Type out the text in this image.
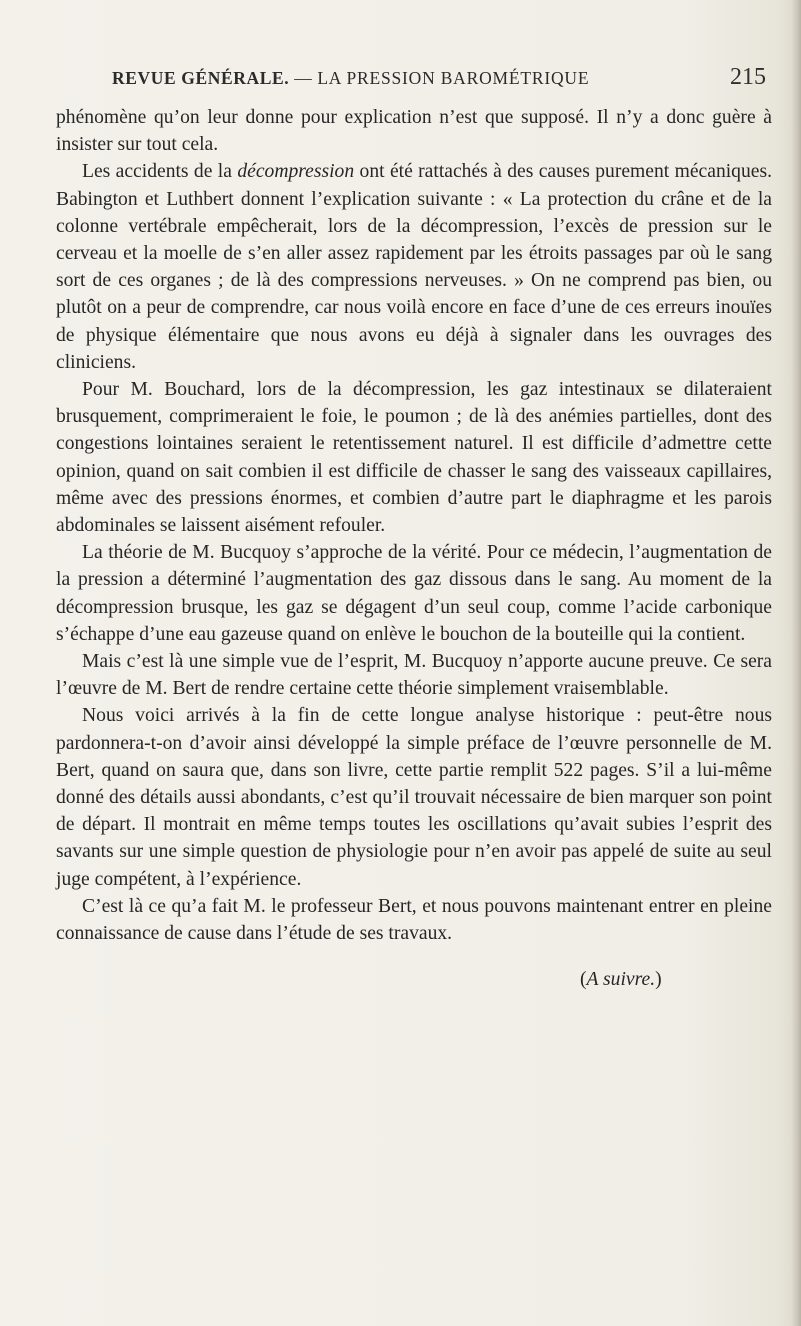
REVUE GÉNÉRALE. — LA PRESSION BAROMÉTRIQUE	215

phénomène qu’on leur donne pour explication n’est que supposé. Il n’y a donc guère à insister sur tout cela.

Les accidents de la décompression ont été rattachés à des causes purement mécaniques. Babington et Luthbert donnent l’explication suivante : « La protection du crâne et de la colonne vertébrale empêcherait, lors de la décompression, l’excès de pression sur le cerveau et la moelle de s’en aller assez rapidement par les étroits passages par où le sang sort de ces organes ; de là des compressions nerveuses. » On ne comprend pas bien, ou plutôt on a peur de comprendre, car nous voilà encore en face d’une de ces erreurs inouïes de physique élémentaire que nous avons eu déjà à signaler dans les ouvrages des cliniciens.

Pour M. Bouchard, lors de la décompression, les gaz intestinaux se dilateraient brusquement, comprimeraient le foie, le poumon ; de là des anémies partielles, dont des congestions lointaines seraient le retentissement naturel. Il est difficile d’admettre cette opinion, quand on sait combien il est difficile de chasser le sang des vaisseaux capillaires, même avec des pressions énormes, et combien d’autre part le diaphragme et les parois abdominales se laissent aisément refouler.

La théorie de M. Bucquoy s’approche de la vérité. Pour ce médecin, l’augmentation de la pression a déterminé l’augmentation des gaz dissous dans le sang. Au moment de la décompression brusque, les gaz se dégagent d’un seul coup, comme l’acide carbonique s’échappe d’une eau gazeuse quand on enlève le bouchon de la bouteille qui la contient.

Mais c’est là une simple vue de l’esprit, M. Bucquoy n’apporte aucune preuve. Ce sera l’œuvre de M. Bert de rendre certaine cette théorie simplement vraisemblable.

Nous voici arrivés à la fin de cette longue analyse historique : peut-être nous pardonnera-t-on d’avoir ainsi développé la simple préface de l’œuvre personnelle de M. Bert, quand on saura que, dans son livre, cette partie remplit 522 pages. S’il a lui-même donné des détails aussi abondants, c’est qu’il trouvait nécessaire de bien marquer son point de départ. Il montrait en même temps toutes les oscillations qu’avait subies l’esprit des savants sur une simple question de physiologie pour n’en avoir pas appelé de suite au seul juge compétent, à l’expérience.

C’est là ce qu’a fait M. le professeur Bert, et nous pouvons maintenant entrer en pleine connaissance de cause dans l’étude de ses travaux.

(A suivre.)
